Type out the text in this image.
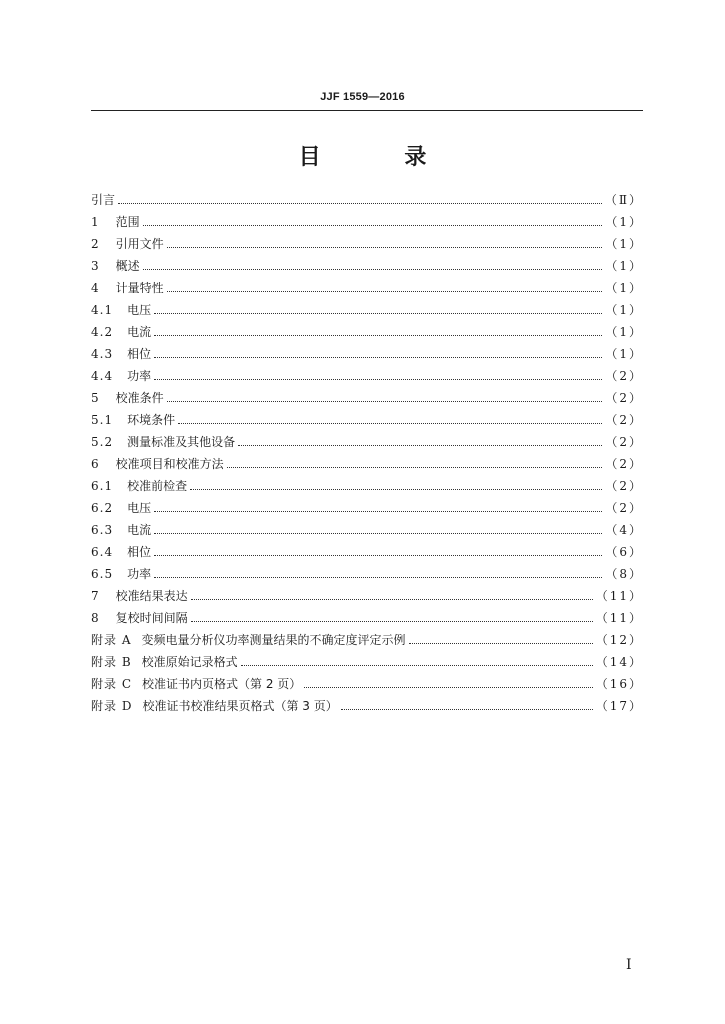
JJF 1559—2016
目 录
引言	（Ⅱ）
1 范围	（1）
2 引用文件	（1）
3 概述	（1）
4 计量特性	（1）
4.1 电压	（1）
4.2 电流	（1）
4.3 相位	（1）
4.4 功率	（2）
5 校准条件	（2）
5.1 环境条件	（2）
5.2 测量标准及其他设备	（2）
6 校准项目和校准方法	（2）
6.1 校准前检查	（2）
6.2 电压	（2）
6.3 电流	（4）
6.4 相位	（6）
6.5 功率	（8）
7 校准结果表达	（11）
8 复校时间间隔	（11）
附录 A 变频电量分析仪功率测量结果的不确定度评定示例	（12）
附录 B 校准原始记录格式	（14）
附录 C 校准证书内页格式（第 2 页）	（16）
附录 D 校准证书校准结果页格式（第 3 页）	（17）
I
